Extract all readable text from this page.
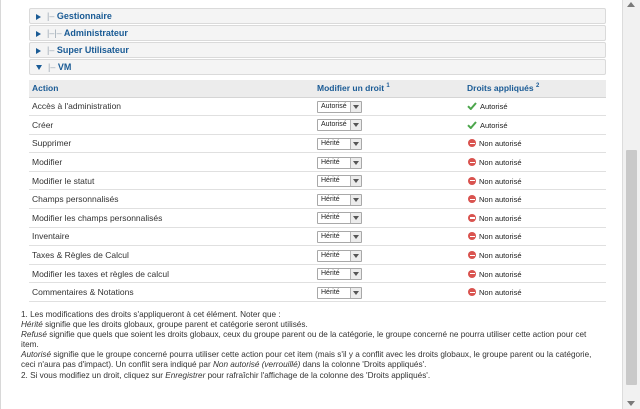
|– Gestionnaire
|–|– Administrateur
|– Super Utilisateur
|– VM
Action	Modifier un droit $^1$	Droits appliqués $^2$
Accès à l'administration	Autorisé	Autorisé
Créer	Autorisé	Autorisé
Supprimer	Hérité	Non autorisé
Modifier	Hérité	Non autorisé
Modifier le statut	Hérité	Non autorisé
Champs personnalisés	Hérité	Non autorisé
Modifier les champs personnalisés	Hérité	Non autorisé
Inventaire	Hérité	Non autorisé
Taxes & Règles de Calcul	Hérité	Non autorisé
Modifier les taxes et règles de calcul	Hérité	Non autorisé
Commentaires & Notations	Hérité	Non autorisé
1. Les modifications des droits s'appliqueront à cet élément. Noter que :
Hérité signifie que les droits globaux, groupe parent et catégorie seront utilisés.
Refusé signifie que quels que soient les droits globaux, ceux du groupe parent ou de la catégorie, le groupe concerné ne pourra utiliser cette action pour cet item.
Autorisé signifie que le groupe concerné pourra utiliser cette action pour cet item (mais s'il y a conflit avec les droits globaux, le groupe parent ou la catégorie, ceci n'aura pas d'impact). Un conflit sera indiqué par Non autorisé (verrouillé) dans la colonne 'Droits appliqués'.
2. Si vous modifiez un droit, cliquez sur Enregistrer pour rafraîchir l'affichage de la colonne des 'Droits appliqués'.
